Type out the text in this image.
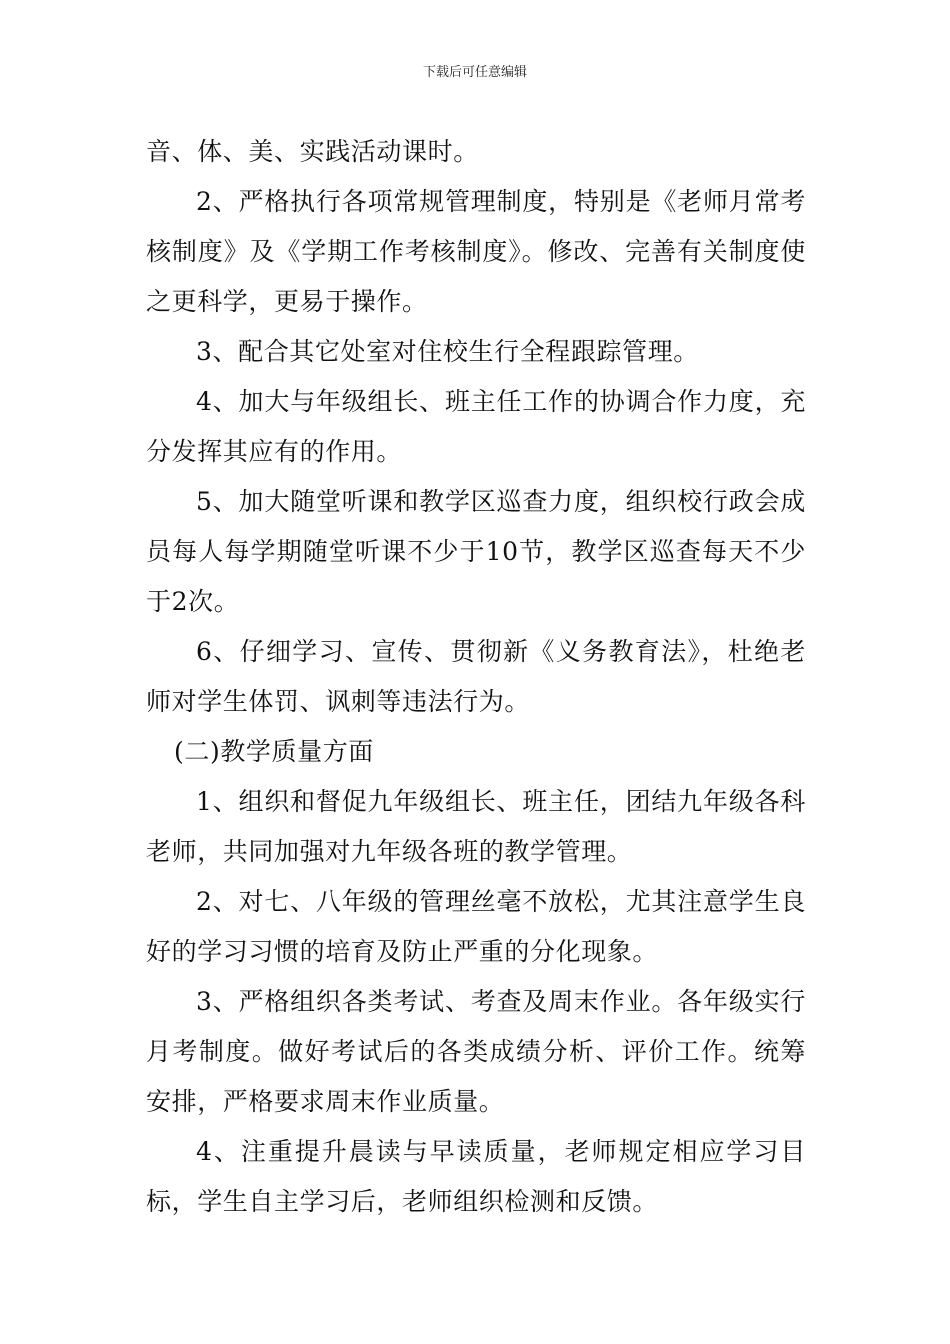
下载后可任意编辑

音、体、美、实践活动课时。

2、严格执行各项常规管理制度，特别是《老师月常考核制度》及《学期工作考核制度》。修改、完善有关制度使之更科学，更易于操作。

3、配合其它处室对住校生行全程跟踪管理。

4、加大与年级组长、班主任工作的协调合作力度，充分发挥其应有的作用。

5、加大随堂听课和教学区巡查力度，组织校行政会成员每人每学期随堂听课不少于10节，教学区巡查每天不少于2次。

6、仔细学习、宣传、贯彻新《义务教育法》，杜绝老师对学生体罚、讽刺等违法行为。

(二)教学质量方面

1、组织和督促九年级组长、班主任，团结九年级各科老师，共同加强对九年级各班的教学管理。

2、对七、八年级的管理丝毫不放松，尤其注意学生良好的学习习惯的培育及防止严重的分化现象。

3、严格组织各类考试、考查及周末作业。各年级实行月考制度。做好考试后的各类成绩分析、评价工作。统筹安排，严格要求周末作业质量。

4、注重提升晨读与早读质量，老师规定相应学习目标，学生自主学习后，老师组织检测和反馈。
